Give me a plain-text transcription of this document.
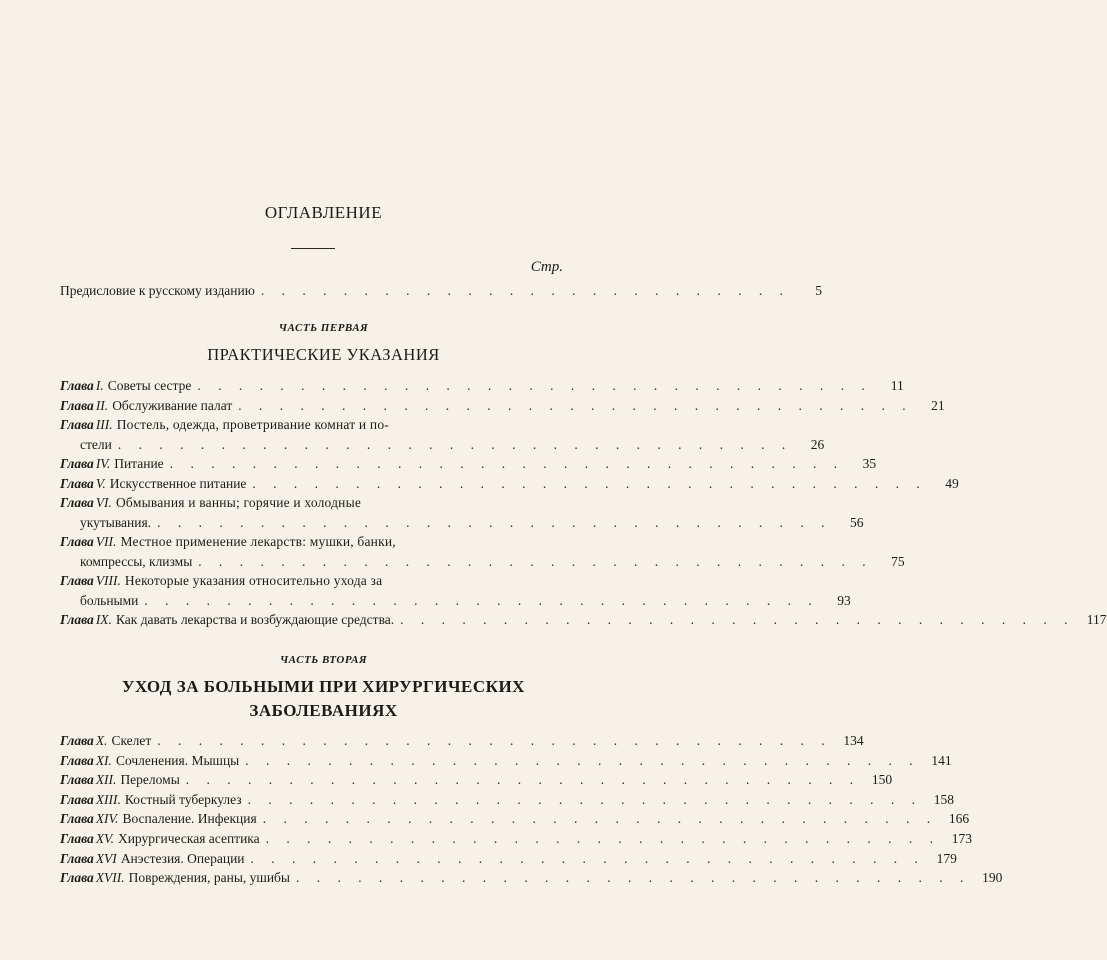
ОГЛАВЛЕНИЕ
Стр.
Предисловие к русскому изданию . . . . . . . . . . . . . . . . . . . . . . . . . .	5
ЧАСТЬ ПЕРВАЯ
ПРАКТИЧЕСКИЕ УКАЗАНИЯ
Глава I. Советы сестре . . . . . . . . . . . . . . . . . . . . . . . . . . . . . . . . .	11
Глава II. Обслуживание палат . . . . . . . . . . . . . . . . . . . . . . . . . . . . . . . . .	21
Глава III. Постель, одежда, проветривание комнат и по-
стели . . . . . . . . . . . . . . . . . . . . . . . . . . . . . . . . .	26
Глава IV. Питание . . . . . . . . . . . . . . . . . . . . . . . . . . . . . . . . .	35
Глава V. Искусственное питание . . . . . . . . . . . . . . . . . . . . . . . . . . . . . . . . .	49
Глава VI. Обмывания и ванны; горячие и холодные
укутывания. . . . . . . . . . . . . . . . . . . . . . . . . . . . . . . . . .	56
Глава VII. Местное применение лекарств: мушки, банки,
компрессы, клизмы . . . . . . . . . . . . . . . . . . . . . . . . . . . . . . . . .	75
Глава VIII. Некоторые указания относительно ухода за
больными . . . . . . . . . . . . . . . . . . . . . . . . . . . . . . . . .	93
Глава IX. Как давать лекарства и возбуждающие средства. . . . . . . . . . . . . . . . . . . . . . . . . . . . . . . . . . 117
ЧАСТЬ ВТОРАЯ
УХОД ЗА БОЛЬНЫМИ ПРИ ХИРУРГИЧЕСКИХ
ЗАБОЛЕВАНИЯХ
Глава X. Скелет . . . . . . . . . . . . . . . . . . . . . . . . . . . . . . . . . 134
Глава XI. Сочленения. Мышцы . . . . . . . . . . . . . . . . . . . . . . . . . . . . . . . . . 141
Глава XII. Переломы . . . . . . . . . . . . . . . . . . . . . . . . . . . . . . . . . 150
Глава XIII. Костный туберкулез . . . . . . . . . . . . . . . . . . . . . . . . . . . . . . . . . 158
Глава XIV. Воспаление. Инфекция . . . . . . . . . . . . . . . . . . . . . . . . . . . . . . . . . 166
Глава XV. Хирургическая асептика . . . . . . . . . . . . . . . . . . . . . . . . . . . . . . . . . 173
Глава XVI Анэстезия. Операции . . . . . . . . . . . . . . . . . . . . . . . . . . . . . . . . . 179
Глава XVII. Повреждения, раны, ушибы . . . . . . . . . . . . . . . . . . . . . . . . . . . . . . . . . 190
